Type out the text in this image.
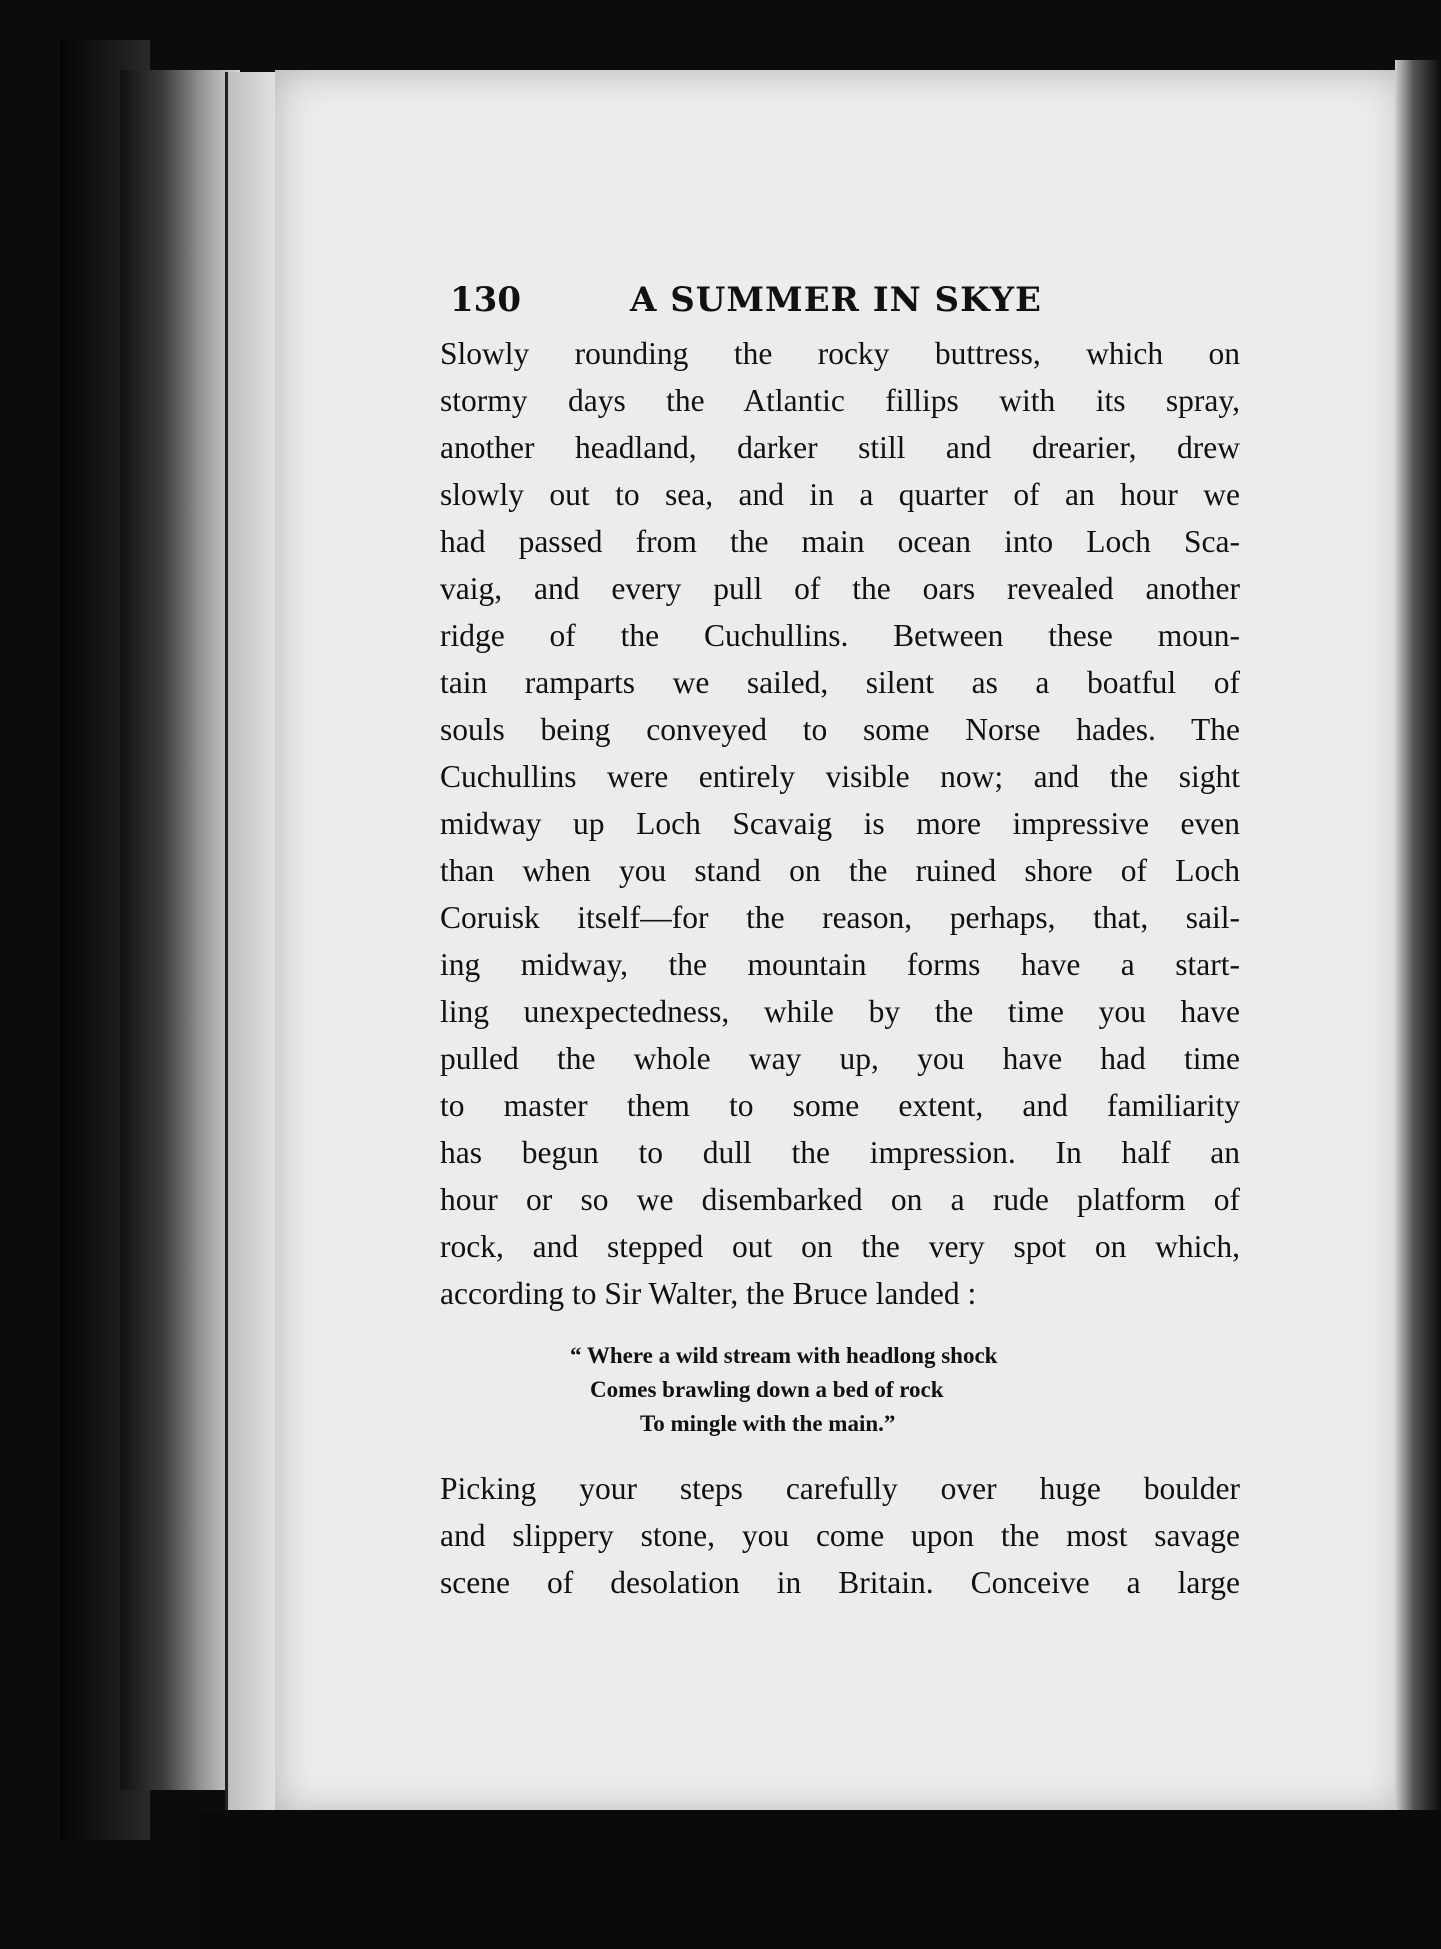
130	A SUMMER IN SKYE
Slowly rounding the rocky buttress, which on
stormy days the Atlantic fillips with its spray,
another headland, darker still and drearier, drew
slowly out to sea, and in a quarter of an hour we
had passed from the main ocean into Loch Sca-
vaig, and every pull of the oars revealed another
ridge of the Cuchullins. Between these moun-
tain ramparts we sailed, silent as a boatful of
souls being conveyed to some Norse hades. The
Cuchullins were entirely visible now; and the sight
midway up Loch Scavaig is more impressive even
than when you stand on the ruined shore of Loch
Coruisk itself—for the reason, perhaps, that, sail-
ing midway, the mountain forms have a start-
ling unexpectedness, while by the time you have
pulled the whole way up, you have had time
to master them to some extent, and familiarity
has begun to dull the impression. In half an
hour or so we disembarked on a rude platform of
rock, and stepped out on the very spot on which,
according to Sir Walter, the Bruce landed :
“ Where a wild stream with headlong shock
Comes brawling down a bed of rock
To mingle with the main.”
Picking your steps carefully over huge boulder
and slippery stone, you come upon the most savage
scene of desolation in Britain. Conceive a large
